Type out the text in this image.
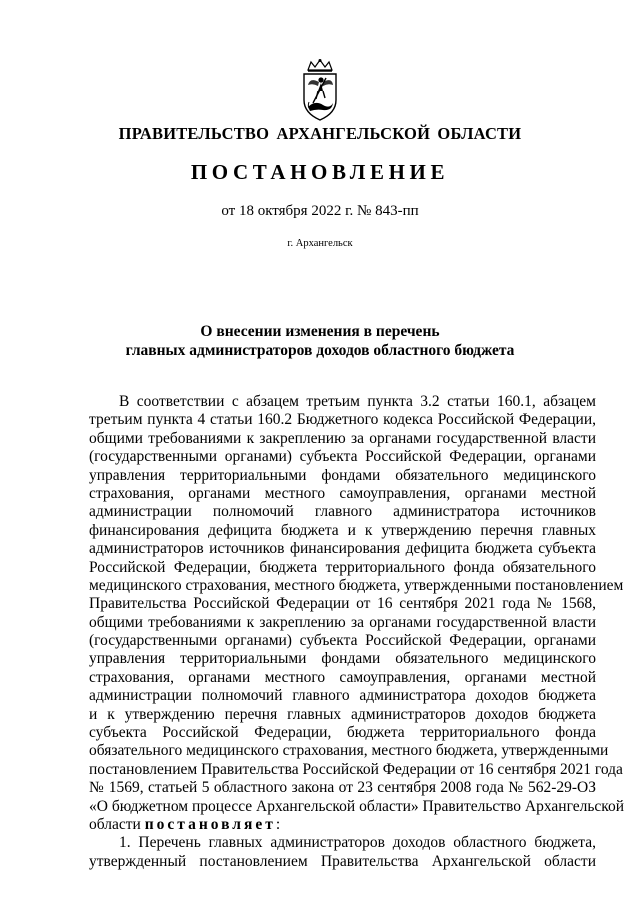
ПРАВИТЕЛЬСТВО АРХАНГЕЛЬСКОЙ ОБЛАСТИ
ПОСТАНОВЛЕНИЕ
от 18 октября 2022 г. № 843-пп
г. Архангельск
О внесении изменения в перечень
главных администраторов доходов областного бюджета
В соответствии с абзацем третьим пункта 3.2 статьи 160.1, абзацем
третьим пункта 4 статьи 160.2 Бюджетного кодекса Российской Федерации,
общими требованиями к закреплению за органами государственной власти
(государственными органами) субъекта Российской Федерации, органами
управления территориальными фондами обязательного медицинского
страхования, органами местного самоуправления, органами местной
администрации полномочий главного администратора источников
финансирования дефицита бюджета и к утверждению перечня главных
администраторов источников финансирования дефицита бюджета субъекта
Российской Федерации, бюджета территориального фонда обязательного
медицинского страхования, местного бюджета, утвержденными постановлением
Правительства Российской Федерации от 16 сентября 2021 года № 1568,
общими требованиями к закреплению за органами государственной власти
(государственными органами) субъекта Российской Федерации, органами
управления территориальными фондами обязательного медицинского
страхования, органами местного самоуправления, органами местной
администрации полномочий главного администратора доходов бюджета
и к утверждению перечня главных администраторов доходов бюджета
субъекта Российской Федерации, бюджета территориального фонда
обязательного медицинского страхования, местного бюджета, утвержденными
постановлением Правительства Российской Федерации от 16 сентября 2021 года
№ 1569, статьей 5 областного закона от 23 сентября 2008 года № 562-29-ОЗ
«О бюджетном процессе Архангельской области» Правительство Архангельской
области постановляет:
1. Перечень главных администраторов доходов областного бюджета,
утвержденный постановлением Правительства Архангельской области
